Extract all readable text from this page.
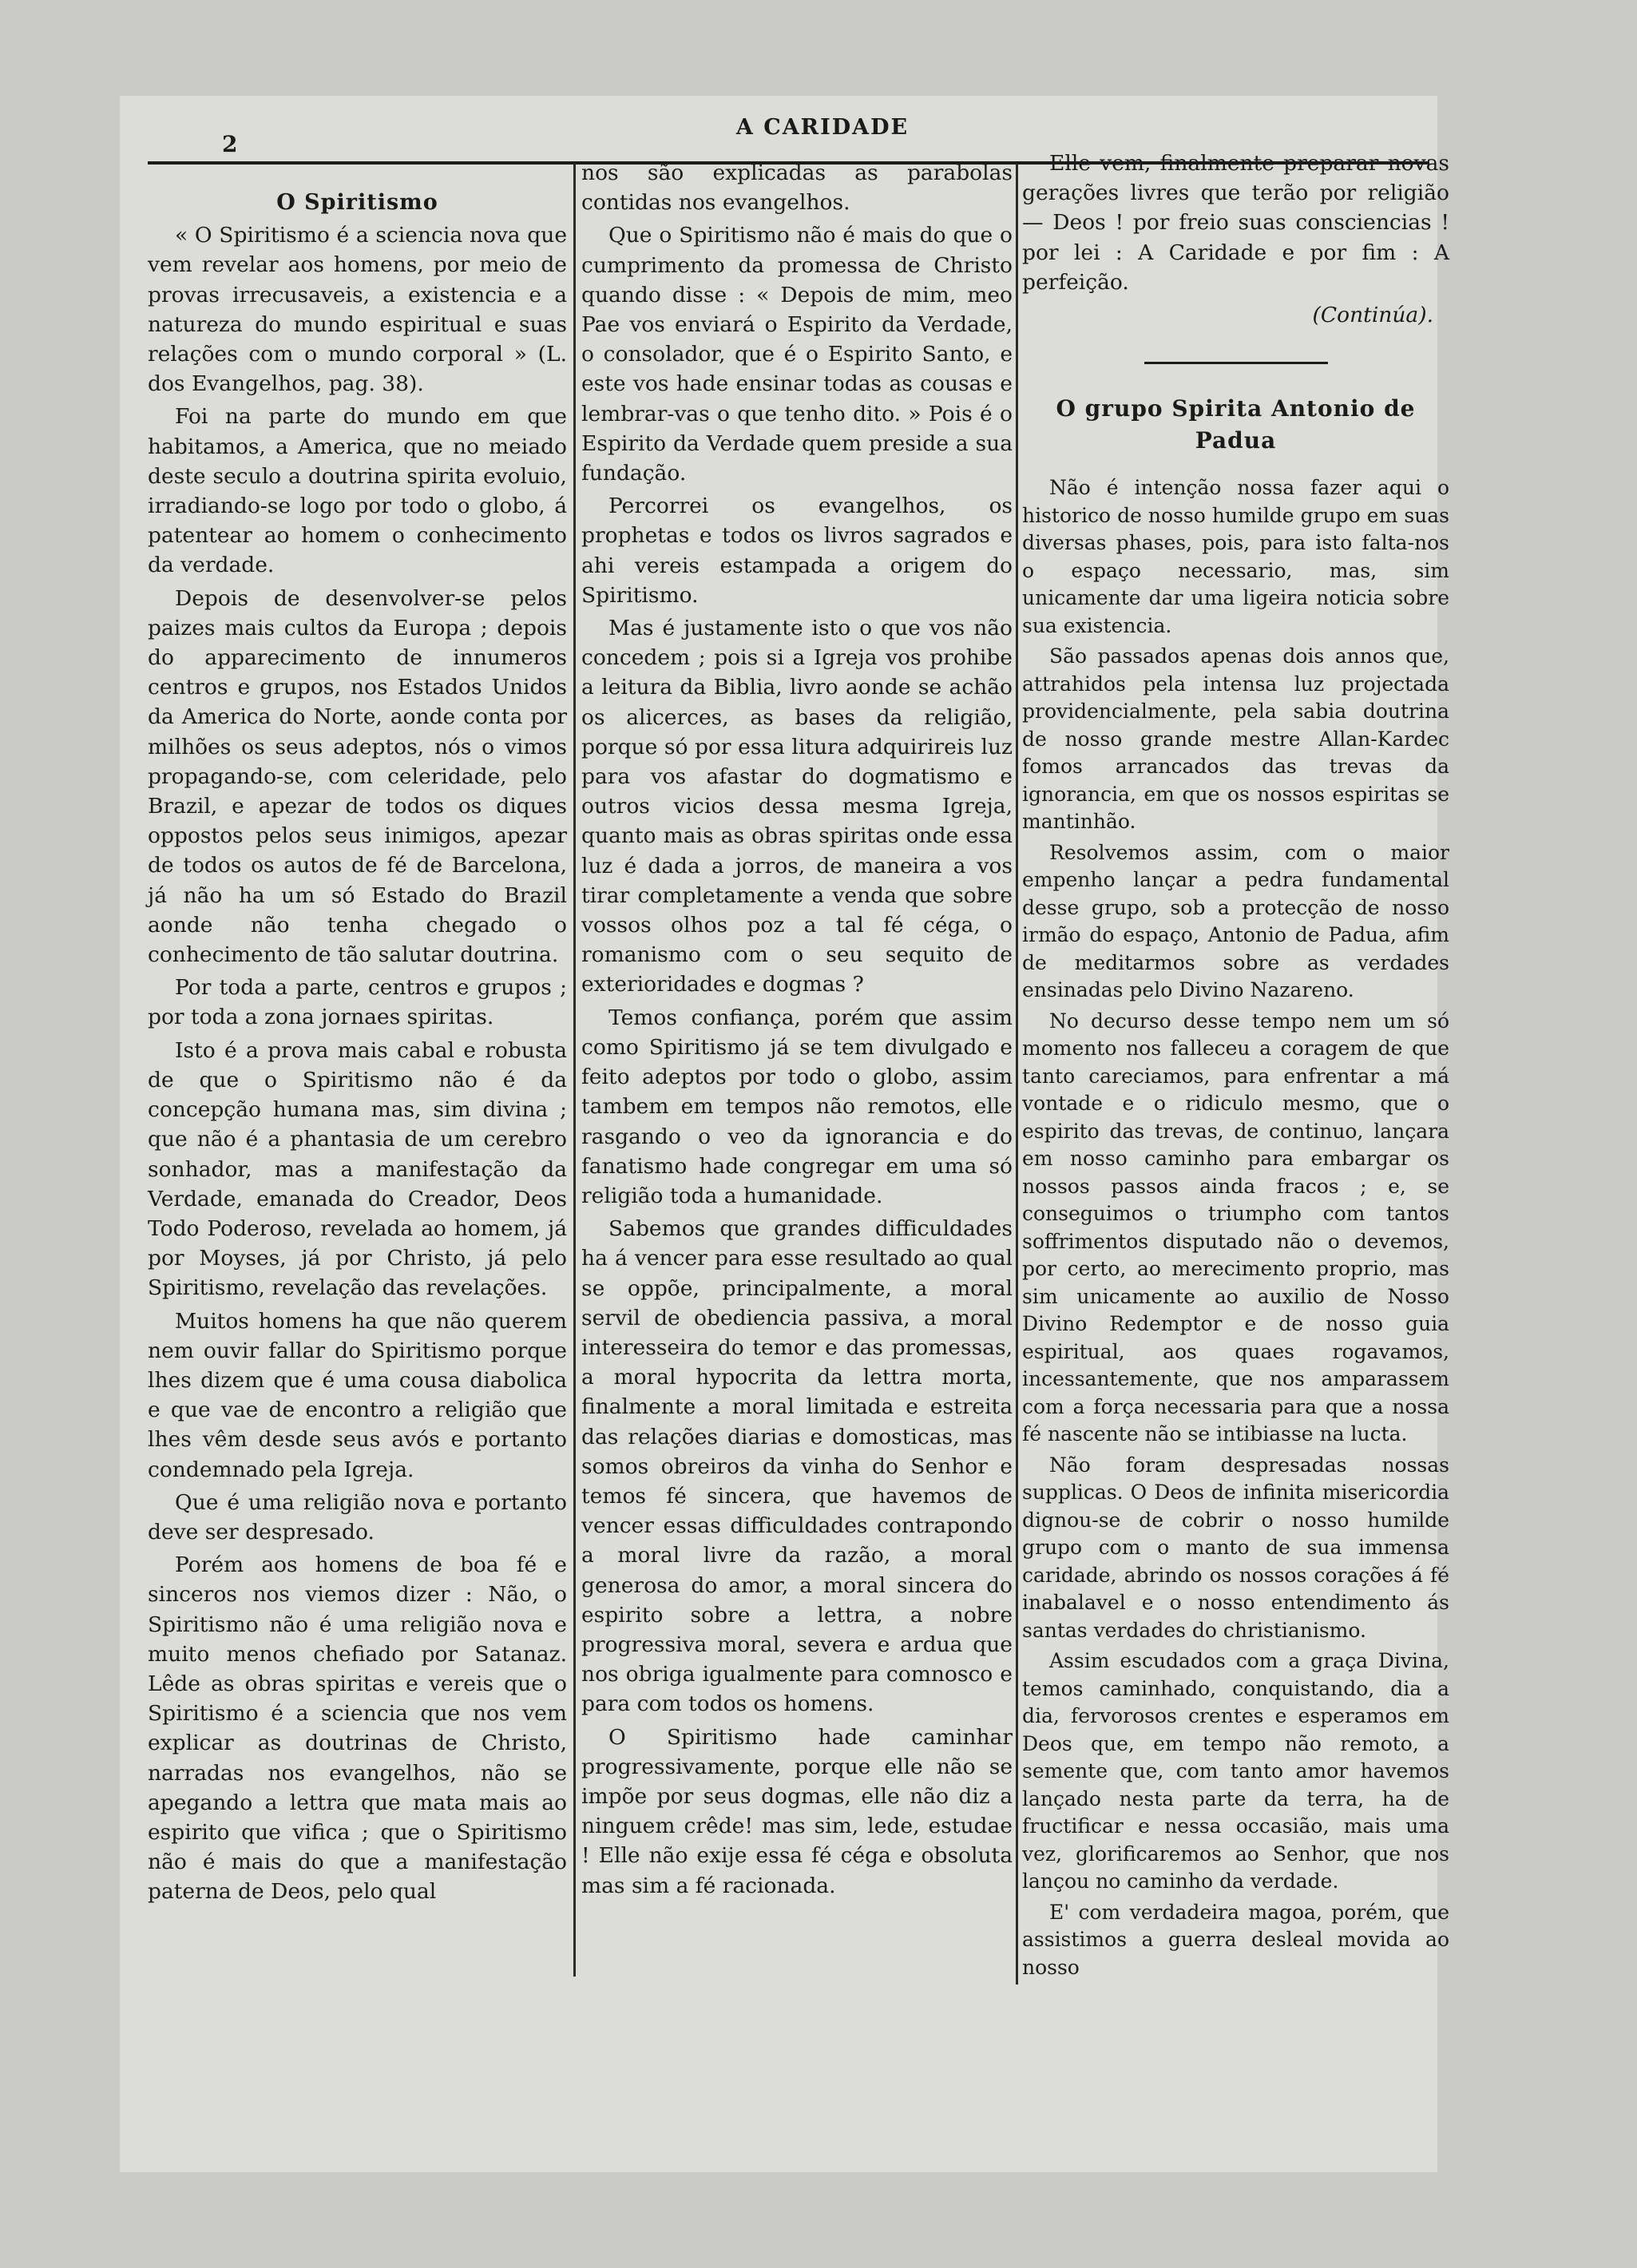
2
A CARIDADE

O Spiritismo

« O Spiritismo é a sciencia nova que vem revelar aos homens, por meio de provas irrecusaveis, a existencia e a natureza do mundo espiritual e suas relações com o mundo corporal » (L. dos Evangelhos, pag. 38).

Foi na parte do mundo em que habitamos, a America, que no meiado deste seculo a doutrina spirita evoluio, irradiando-se logo por todo o globo, á patentear ao homem o conhecimento da verdade.

Depois de desenvolver-se pelos paizes mais cultos da Europa ; depois do apparecimento de innumeros centros e grupos, nos Estados Unidos da America do Norte, aonde conta por milhões os seus adeptos, nós o vimos propagando-se, com celeridade, pelo Brazil, e apezar de todos os diques oppostos pelos seus inimigos, apezar de todos os autos de fé de Barcelona, já não ha um só Estado do Brazil aonde não tenha chegado o conhecimento de tão salutar doutrina.

Por toda a parte, centros e grupos ; por toda a zona jornaes spiritas.

Isto é a prova mais cabal e robusta de que o Spiritismo não é da concepção humana mas, sim divina ; que não é a phantasia de um cerebro sonhador, mas a manifestação da Verdade, emanada do Creador, Deos Todo Poderoso, revelada ao homem, já por Moyses, já por Christo, já pelo Spiritismo, revelação das revelações.

Muitos homens ha que não querem nem ouvir fallar do Spiritismo porque lhes dizem que é uma cousa diabolica e que vae de encontro a religião que lhes vêm desde seus avós e portanto condemnado pela Igreja.

Que é uma religião nova e portanto deve ser despresado.

Porém aos homens de boa fé e sinceros nos viemos dizer : Não, o Spiritismo não é uma religião nova e muito menos chefiado por Satanaz. Lêde as obras spiritas e vereis que o Spiritismo é a sciencia que nos vem explicar as doutrinas de Christo, narradas nos evangelhos, não se apegando a lettra que mata mais ao espirito que vifica ; que o Spiritismo não é mais do que a manifestação paterna de Deos, pelo qual

nos são explicadas as parabolas contidas nos evangelhos.

Que o Spiritismo não é mais do que o cumprimento da promessa de Christo quando disse : « Depois de mim, meo Pae vos enviará o Espirito da Verdade, o consolador, que é o Espirito Santo, e este vos hade ensinar todas as cousas e lembrar-vas o que tenho dito. » Pois é o Espirito da Verdade quem preside a sua fundação.

Percorrei os evangelhos, os prophetas e todos os livros sagrados e ahi vereis estampada a origem do Spiritismo.

Mas é justamente isto o que vos não concedem ; pois si a Igreja vos prohibe a leitura da Biblia, livro aonde se achão os alicerces, as bases da religião, porque só por essa litura adquirireis luz para vos afastar do dogmatismo e outros vicios dessa mesma Igreja, quanto mais as obras spiritas onde essa luz é dada a jorros, de maneira a vos tirar completamente a venda que sobre vossos olhos poz a tal fé céga, o romanismo com o seu sequito de exterioridades e dogmas ?

Temos confiança, porém que assim como Spiritismo já se tem divulgado e feito adeptos por todo o globo, assim tambem em tempos não remotos, elle rasgando o veo da ignorancia e do fanatismo hade congregar em uma só religião toda a humanidade.

Sabemos que grandes difficuldades ha á vencer para esse resultado ao qual se oppõe, principalmente, a moral servil de obediencia passiva, a moral interesseira do temor e das promessas, a moral hypocrita da lettra morta, finalmente a moral limitada e estreita das relações diarias e domosticas, mas somos obreiros da vinha do Senhor e temos fé sincera, que havemos de vencer essas difficuldades contrapondo a moral livre da razão, a moral generosa do amor, a moral sincera do espirito sobre a lettra, a nobre progressiva moral, severa e ardua que nos obriga igualmente para comnosco e para com todos os homens.

O Spiritismo hade caminhar progressivamente, porque elle não se impõe por seus dogmas, elle não diz a ninguem crêde! mas sim, lede, estudae ! Elle não exije essa fé céga e obsoluta mas sim a fé racionada.

Elle vem, finalmente preparar novas gerações livres que terão por religião — Deos ! por freio suas consciencias ! por lei : A Caridade e por fim : A perfeição.

(Continúa).

O grupo Spirita Antonio de Padua

Não é intenção nossa fazer aqui o historico de nosso humilde grupo em suas diversas phases, pois, para isto falta-nos o espaço necessario, mas, sim unicamente dar uma ligeira noticia sobre sua existencia.

São passados apenas dois annos que, attrahidos pela intensa luz projectada providencialmente, pela sabia doutrina de nosso grande mestre Allan-Kardec fomos arrancados das trevas da ignorancia, em que os nossos espiritas se mantinhão.

Resolvemos assim, com o maior empenho lançar a pedra fundamental desse grupo, sob a protecção de nosso irmão do espaço, Antonio de Padua, afim de meditarmos sobre as verdades ensinadas pelo Divino Nazareno.

No decurso desse tempo nem um só momento nos falleceu a coragem de que tanto careciamos, para enfrentar a má vontade e o ridiculo mesmo, que o espirito das trevas, de continuo, lançara em nosso caminho para embargar os nossos passos ainda fracos ; e, se conseguimos o triumpho com tantos soffrimentos disputado não o devemos, por certo, ao merecimento proprio, mas sim unicamente ao auxilio de Nosso Divino Redemptor e de nosso guia espiritual, aos quaes rogavamos, incessantemente, que nos amparassem com a força necessaria para que a nossa fé nascente não se intibiasse na lucta.

Não foram despresadas nossas supplicas. O Deos de infinita misericordia dignou-se de cobrir o nosso humilde grupo com o manto de sua immensa caridade, abrindo os nossos corações á fé inabalavel e o nosso entendimento ás santas verdades do christianismo.

Assim escudados com a graça Divina, temos caminhado, conquistando, dia a dia, fervorosos crentes e esperamos em Deos que, em tempo não remoto, a semente que, com tanto amor havemos lançado nesta parte da terra, ha de fructificar e nessa occasião, mais uma vez, glorificaremos ao Senhor, que nos lançou no caminho da verdade.

E' com verdadeira magoa, porém, que assistimos a guerra desleal movida ao nosso
